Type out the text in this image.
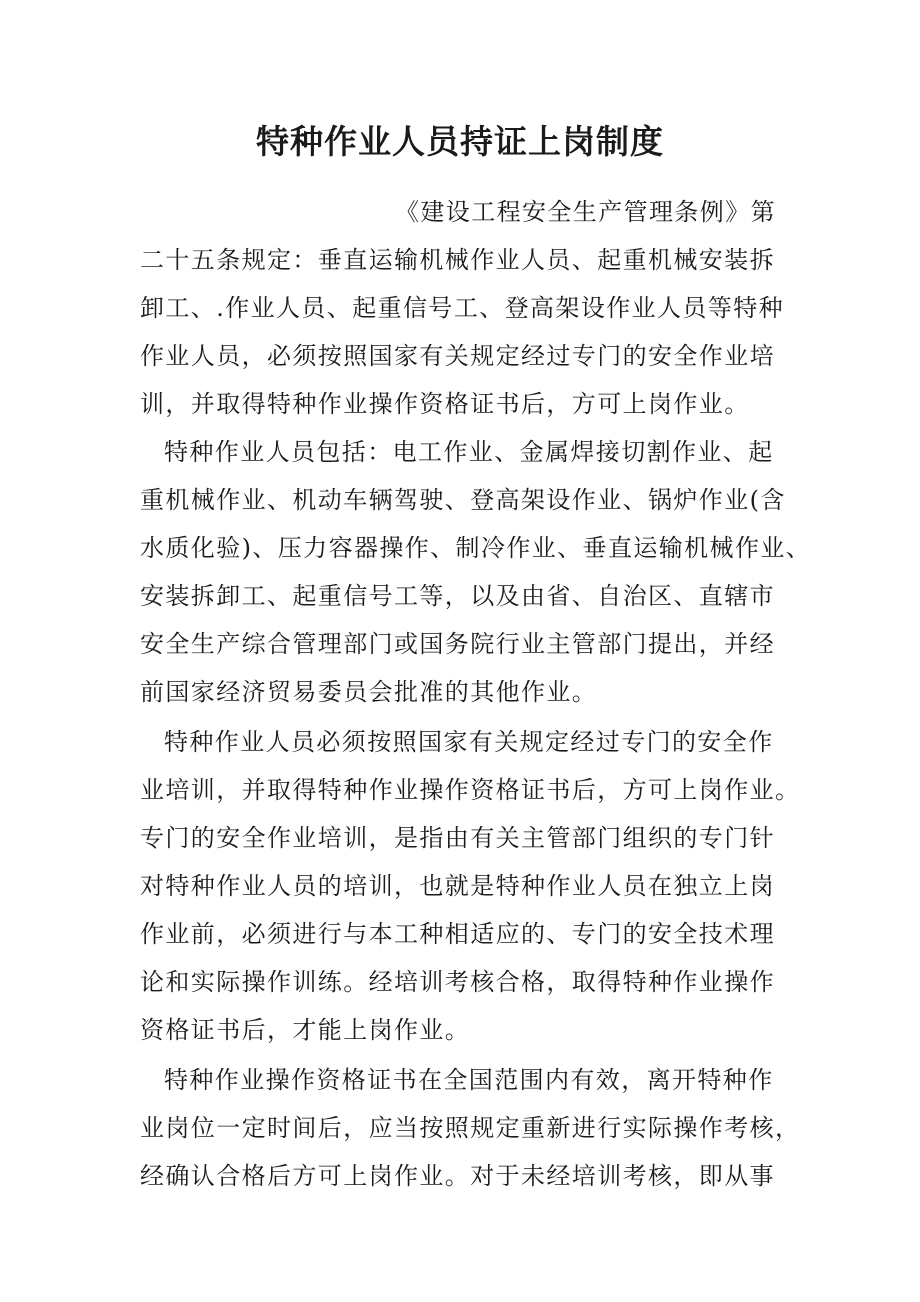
特种作业人员持证上岗制度

《建设工程安全生产管理条例》第

二十五条规定：垂直运输机械作业人员、起重机械安装拆

卸工、.作业人员、起重信号工、登高架设作业人员等特种

作业人员，必须按照国家有关规定经过专门的安全作业培

训，并取得特种作业操作资格证书后，方可上岗作业。

特种作业人员包括：电工作业、金属焊接切割作业、起

重机械作业、机动车辆驾驶、登高架设作业、锅炉作业(含

水质化验)、压力容器操作、制冷作业、垂直运输机械作业、

安装拆卸工、起重信号工等，以及由省、自治区、直辖市

安全生产综合管理部门或国务院行业主管部门提出，并经

前国家经济贸易委员会批准的其他作业。

特种作业人员必须按照国家有关规定经过专门的安全作

业培训，并取得特种作业操作资格证书后，方可上岗作业。

专门的安全作业培训，是指由有关主管部门组织的专门针

对特种作业人员的培训，也就是特种作业人员在独立上岗

作业前，必须进行与本工种相适应的、专门的安全技术理

论和实际操作训练。经培训考核合格，取得特种作业操作

资格证书后，才能上岗作业。

特种作业操作资格证书在全国范围内有效，离开特种作

业岗位一定时间后，应当按照规定重新进行实际操作考核，

经确认合格后方可上岗作业。对于未经培训考核，即从事
